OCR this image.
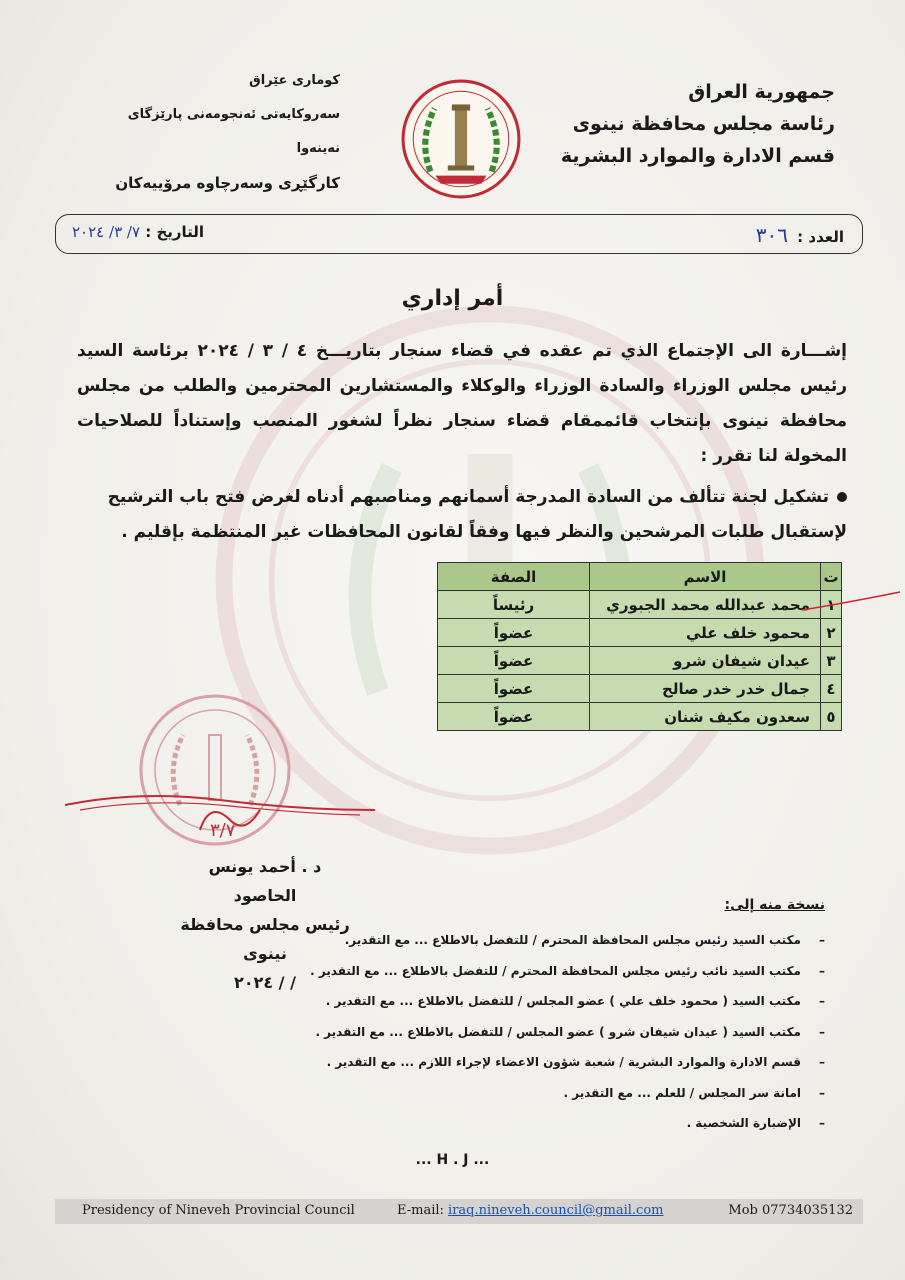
جمهورية العراق
رئاسة مجلس محافظة نينوى
قسم الادارة والموارد البشرية
کوماری عێراق
سەروکایەتی ئەنجومەنی پارێزگای نەینەوا
کارگێڕی وسەرچاوە مرۆییەکان
العدد : ٣٠٦
التاريخ : ٧/ ٣/ ٢٠٢٤
أمر إداري
إشـــارة الى الإجتماع الذي تم عقده في قضاء سنجار بتاريـــخ ٤ / ٣ / ٢٠٢٤ برئاسة السيد رئيس مجلس الوزراء والسادة الوزراء والوكلاء والمستشارين المحترمين والطلب من مجلس محافظة نينوى بإنتخاب قائممقام قضاء سنجار نظراً لشغور المنصب وإستناداً للصلاحيات المخولة لنا تقرر :
تشكيل لجنة تتألف من السادة المدرجة أسمانهم ومناصبهم أدناه لغرض فتح باب الترشيح لإستقبال طلبات المرشحين والنظر فيها وفقاً لقانون المحافظات غير المنتظمة بإقليم .
ت	الاسم	الصفة
١	محمد عبدالله محمد الجبوري	رئيساً
٢	محمود خلف علي	عضواً
٣	عيدان شيفان شرو	عضواً
٤	جمال خدر خدر صالح	عضواً
٥	سعدون مكيف شنان	عضواً
٣/٧
د . أحمد يونس الحاصود
رئيس مجلس محافظة نينوى
/ / ٢٠٢٤
نسخة منه إلى:
–مكتب السيد رئيس مجلس المحافظة المحترم / للتفضل بالاطلاع ... مع التقدير.
–مكتب السيد نائب رئيس مجلس المحافظة المحترم / للتفضل بالاطلاع ... مع التقدير .
–مكتب السيد ( محمود خلف علي ) عضو المجلس / للتفضل بالاطلاع ... مع التقدير .
–مكتب السيد ( عيدان شيفان شرو ) عضو المجلس / للتفضل بالاطلاع ... مع التقدير .
–قسم الادارة والموارد البشرية / شعبة شؤون الاعضاء لإجراء اللازم ... مع التقدير .
–امانة سر المجلس / للعلم ... مع التقدير .
–الإضبارة الشخصية .
... H . J ...
Presidency of Nineveh Provincial Council	E-mail: iraq.nineveh.council@gmail.com	Mob 07734035132
